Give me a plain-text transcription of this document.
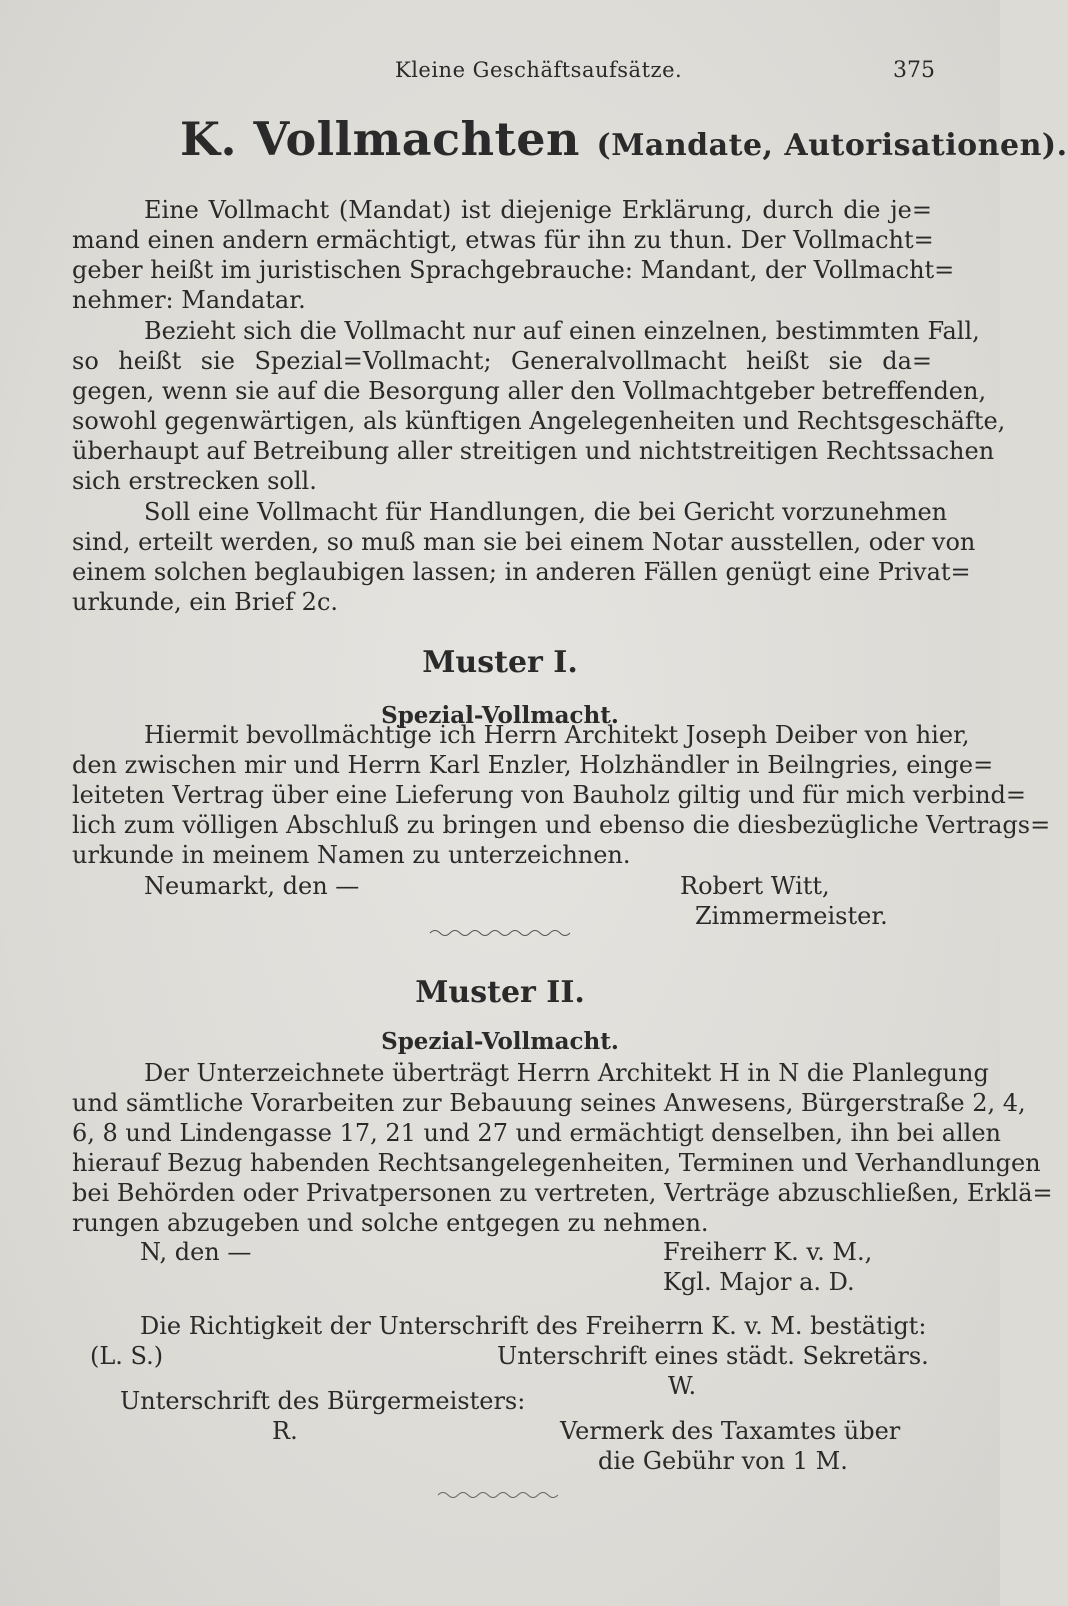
Kleine Geschäftsaufsätze.	375
K. Vollmachten (Mandate, Autorisationen).
Eine Vollmacht (Mandat) ist diejenige Erklärung, durch die je=
mand einen andern ermächtigt, etwas für ihn zu thun. Der Vollmacht=
geber heißt im juristischen Sprachgebrauche: Mandant, der Vollmacht=
nehmer: Mandatar.
Bezieht sich die Vollmacht nur auf einen einzelnen, bestimmten Fall,
so heißt sie Spezial=Vollmacht; Generalvollmacht heißt sie da=
gegen, wenn sie auf die Besorgung aller den Vollmachtgeber betreffenden,
sowohl gegenwärtigen, als künftigen Angelegenheiten und Rechtsgeschäfte,
überhaupt auf Betreibung aller streitigen und nichtstreitigen Rechtssachen
sich erstrecken soll.
Soll eine Vollmacht für Handlungen, die bei Gericht vorzunehmen
sind, erteilt werden, so muß man sie bei einem Notar ausstellen, oder von
einem solchen beglaubigen lassen; in anderen Fällen genügt eine Privat=
urkunde, ein Brief 2c.
Muster I.
Spezial-Vollmacht.
Hiermit bevollmächtige ich Herrn Architekt Joseph Deiber von hier,
den zwischen mir und Herrn Karl Enzler, Holzhändler in Beilngries, einge=
leiteten Vertrag über eine Lieferung von Bauholz giltig und für mich verbind=
lich zum völligen Abschluß zu bringen und ebenso die diesbezügliche Vertrags=
urkunde in meinem Namen zu unterzeichnen.
Neumarkt, den —	Robert Witt,
Zimmermeister.
Muster II.
Spezial-Vollmacht.
Der Unterzeichnete überträgt Herrn Architekt H in N die Planlegung
und sämtliche Vorarbeiten zur Bebauung seines Anwesens, Bürgerstraße 2, 4,
6, 8 und Lindengasse 17, 21 und 27 und ermächtigt denselben, ihn bei allen
hierauf Bezug habenden Rechtsangelegenheiten, Terminen und Verhandlungen
bei Behörden oder Privatpersonen zu vertreten, Verträge abzuschließen, Erklä=
rungen abzugeben und solche entgegen zu nehmen.
N, den —	Freiherr K. v. M.,
Kgl. Major a. D.
Die Richtigkeit der Unterschrift des Freiherrn K. v. M. bestätigt:
(L. S.)	Unterschrift eines städt. Sekretärs.
W.
Unterschrift des Bürgermeisters:
R.	Vermerk des Taxamtes über
die Gebühr von 1 M.
